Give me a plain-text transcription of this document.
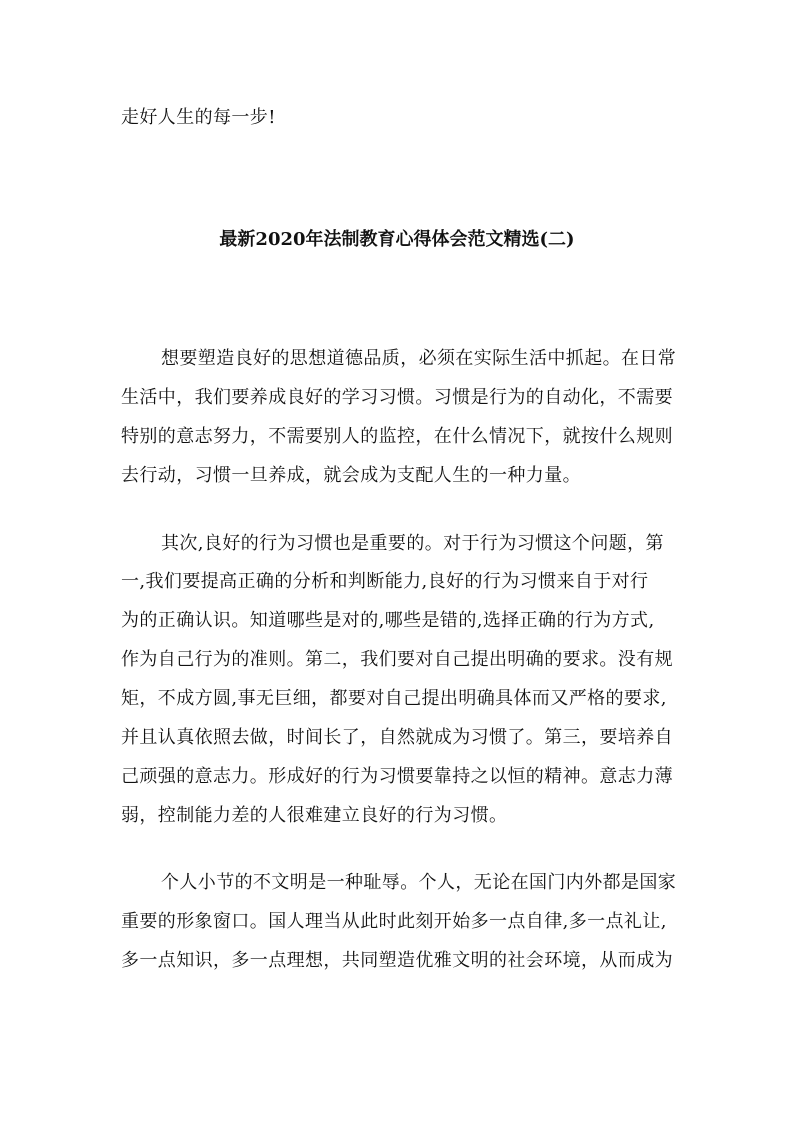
走好人生的每一步!
最新2020年法制教育心得体会范文精选(二)
想要塑造良好的思想道德品质，必须在实际生活中抓起。在日常
生活中，我们要养成良好的学习习惯。习惯是行为的自动化，不需要
特别的意志努力，不需要别人的监控，在什么情况下，就按什么规则
去行动，习惯一旦养成，就会成为支配人生的一种力量。
其次,良好的行为习惯也是重要的。对于行为习惯这个问题，第
一,我们要提高正确的分析和判断能力,良好的行为习惯来自于对行
为的正确认识。知道哪些是对的,哪些是错的,选择正确的行为方式,
作为自己行为的准则。第二，我们要对自己提出明确的要求。没有规
矩，不成方圆,事无巨细，都要对自己提出明确具体而又严格的要求,
并且认真依照去做，时间长了，自然就成为习惯了。第三，要培养自
己顽强的意志力。形成好的行为习惯要靠持之以恒的精神。意志力薄
弱，控制能力差的人很难建立良好的行为习惯。
个人小节的不文明是一种耻辱。个人，无论在国门内外都是国家
重要的形象窗口。国人理当从此时此刻开始多一点自律,多一点礼让,
多一点知识，多一点理想，共同塑造优雅文明的社会环境，从而成为
